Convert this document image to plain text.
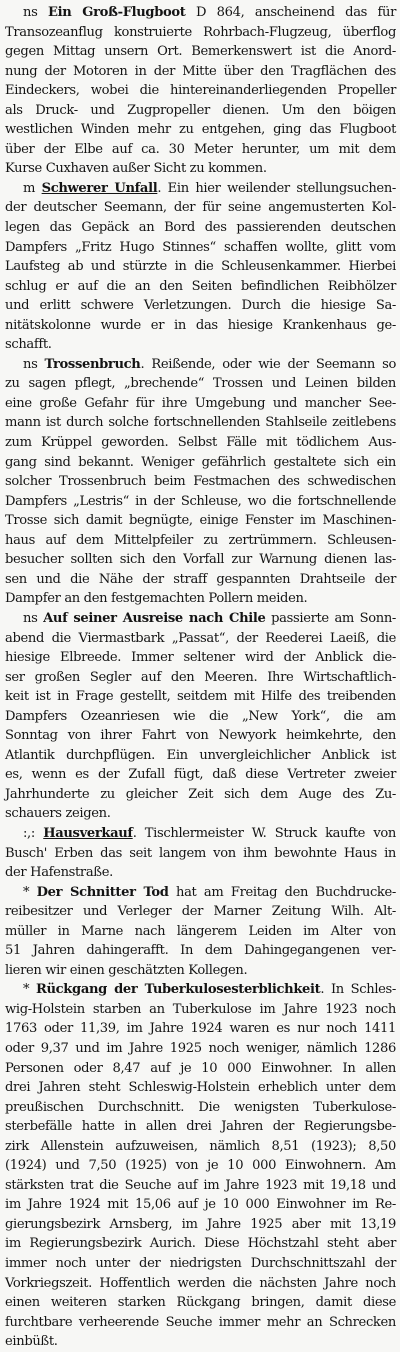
ns Ein Groß-Flugboot D 864, anscheinend das für
Transozeanflug konstruierte Rohrbach-Flugzeug, überflog
gegen Mittag unsern Ort. Bemerkenswert ist die Anord-
nung der Motoren in der Mitte über den Tragflächen des
Eindeckers, wobei die hintereinanderliegenden Propeller
als Druck- und Zugpropeller dienen. Um den böigen
westlichen Winden mehr zu entgehen, ging das Flugboot
über der Elbe auf ca. 30 Meter herunter, um mit dem
Kurse Cuxhaven außer Sicht zu kommen.
m Schwerer Unfall. Ein hier weilender stellungsuchen-
der deutscher Seemann, der für seine angemusterten Kol-
legen das Gepäck an Bord des passierenden deutschen
Dampfers „Fritz Hugo Stinnes“ schaffen wollte, glitt vom
Laufsteg ab und stürzte in die Schleusenkammer. Hierbei
schlug er auf die an den Seiten befindlichen Reibhölzer
und erlitt schwere Verletzungen. Durch die hiesige Sa-
nitätskolonne wurde er in das hiesige Krankenhaus ge-
schafft.
ns Trossenbruch. Reißende, oder wie der Seemann so
zu sagen pflegt, „brechende“ Trossen und Leinen bilden
eine große Gefahr für ihre Umgebung und mancher See-
mann ist durch solche fortschnellenden Stahlseile zeitlebens
zum Krüppel geworden. Selbst Fälle mit tödlichem Aus-
gang sind bekannt. Weniger gefährlich gestaltete sich ein
solcher Trossenbruch beim Festmachen des schwedischen
Dampfers „Lestris“ in der Schleuse, wo die fortschnellende
Trosse sich damit begnügte, einige Fenster im Maschinen-
haus auf dem Mittelpfeiler zu zertrümmern. Schleusen-
besucher sollten sich den Vorfall zur Warnung dienen las-
sen und die Nähe der straff gespannten Drahtseile der
Dampfer an den festgemachten Pollern meiden.
ns Auf seiner Ausreise nach Chile passierte am Sonn-
abend die Viermastbark „Passat“, der Reederei Laeiß, die
hiesige Elbreede. Immer seltener wird der Anblick die-
ser großen Segler auf den Meeren. Ihre Wirtschaftlich-
keit ist in Frage gestellt, seitdem mit Hilfe des treibenden
Dampfers Ozeanriesen wie die „New York“, die am
Sonntag von ihrer Fahrt von Newyork heimkehrte, den
Atlantik durchpflügen. Ein unvergleichlicher Anblick ist
es, wenn es der Zufall fügt, daß diese Vertreter zweier
Jahrhunderte zu gleicher Zeit sich dem Auge des Zu-
schauers zeigen.
:,: Hausverkauf. Tischlermeister W. Struck kaufte von
Busch' Erben das seit langem von ihm bewohnte Haus in
der Hafenstraße.
* Der Schnitter Tod hat am Freitag den Buchdrucke-
reibesitzer und Verleger der Marner Zeitung Wilh. Alt-
müller in Marne nach längerem Leiden im Alter von
51 Jahren dahingerafft. In dem Dahingegangenen ver-
lieren wir einen geschätzten Kollegen.
* Rückgang der Tuberkulosesterblichkeit. In Schles-
wig-Holstein starben an Tuberkulose im Jahre 1923 noch
1763 oder 11,39, im Jahre 1924 waren es nur noch 1411
oder 9,37 und im Jahre 1925 noch weniger, nämlich 1286
Personen oder 8,47 auf je 10 000 Einwohner. In allen
drei Jahren steht Schleswig-Holstein erheblich unter dem
preußischen Durchschnitt. Die wenigsten Tuberkulose-
sterbefälle hatte in allen drei Jahren der Regierungsbe-
zirk Allenstein aufzuweisen, nämlich 8,51 (1923); 8,50
(1924) und 7,50 (1925) von je 10 000 Einwohnern. Am
stärksten trat die Seuche auf im Jahre 1923 mit 19,18 und
im Jahre 1924 mit 15,06 auf je 10 000 Einwohner im Re-
gierungsbezirk Arnsberg, im Jahre 1925 aber mit 13,19
im Regierungsbezirk Aurich. Diese Höchstzahl steht aber
immer noch unter der niedrigsten Durchschnittszahl der
Vorkriegszeit. Hoffentlich werden die nächsten Jahre noch
einen weiteren starken Rückgang bringen, damit diese
furchtbare verheerende Seuche immer mehr an Schrecken
einbüßt.
